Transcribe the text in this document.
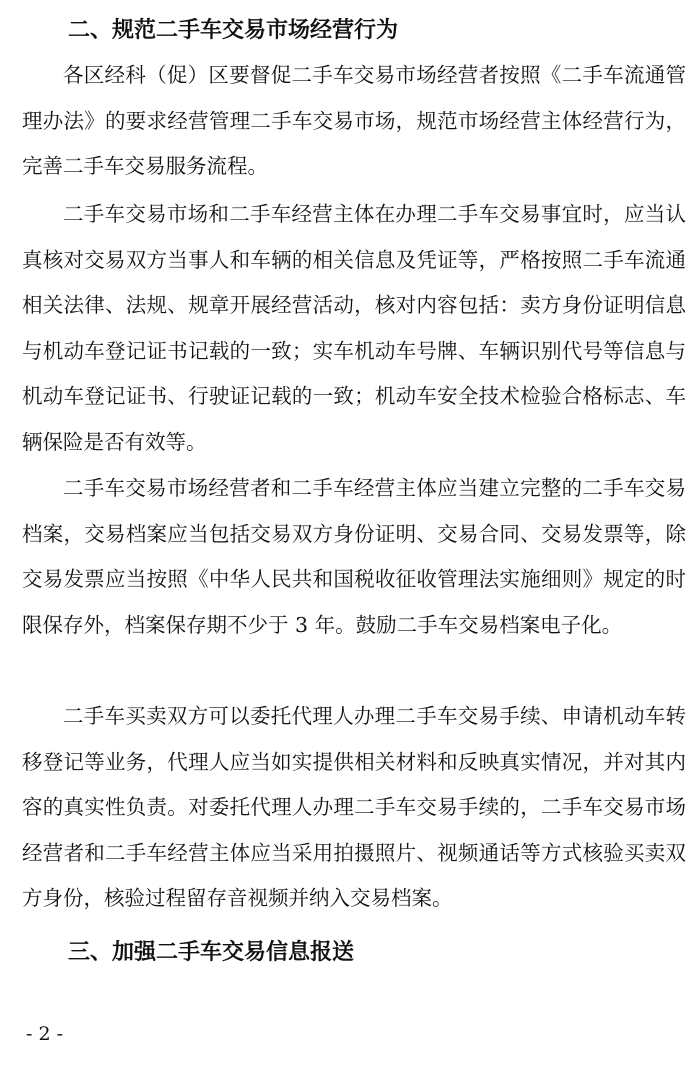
二、规范二手车交易市场经营行为

各区经科（促）区要督促二手车交易市场经营者按照《二手车流通管理办法》的要求经营管理二手车交易市场，规范市场经营主体经营行为，完善二手车交易服务流程。

二手车交易市场和二手车经营主体在办理二手车交易事宜时，应当认真核对交易双方当事人和车辆的相关信息及凭证等，严格按照二手车流通相关法律、法规、规章开展经营活动，核对内容包括：卖方身份证明信息与机动车登记证书记载的一致；实车机动车号牌、车辆识别代号等信息与机动车登记证书、行驶证记载的一致；机动车安全技术检验合格标志、车辆保险是否有效等。

二手车交易市场经营者和二手车经营主体应当建立完整的二手车交易档案，交易档案应当包括交易双方身份证明、交易合同、交易发票等，除交易发票应当按照《中华人民共和国税收征收管理法实施细则》规定的时限保存外，档案保存期不少于 3 年。鼓励二手车交易档案电子化。

二手车买卖双方可以委托代理人办理二手车交易手续、申请机动车转移登记等业务，代理人应当如实提供相关材料和反映真实情况，并对其内容的真实性负责。对委托代理人办理二手车交易手续的，二手车交易市场经营者和二手车经营主体应当采用拍摄照片、视频通话等方式核验买卖双方身份，核验过程留存音视频并纳入交易档案。

三、加强二手车交易信息报送
- 2 -
